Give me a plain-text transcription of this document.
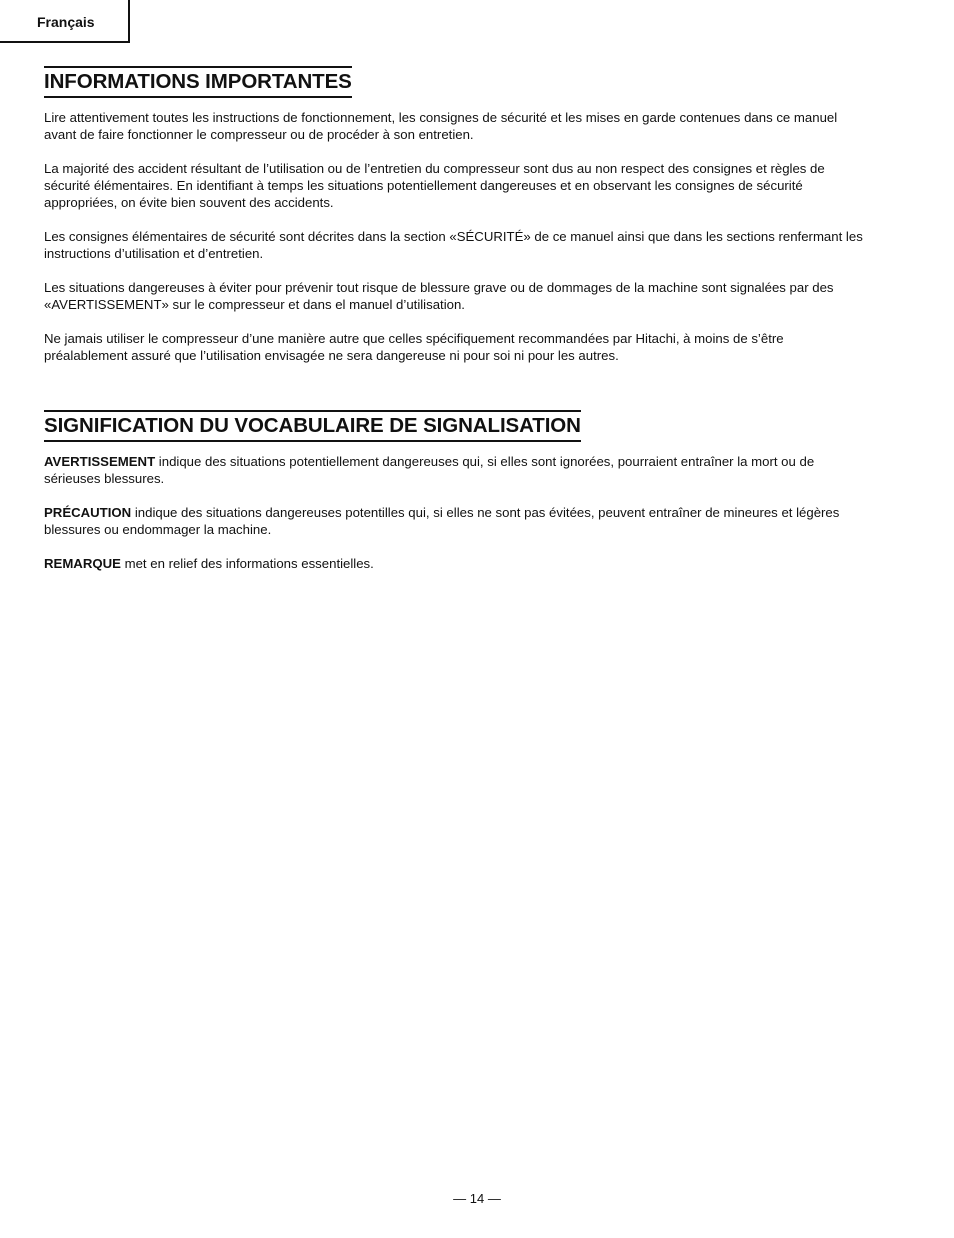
Français
INFORMATIONS IMPORTANTES

Lire attentivement toutes les instructions de fonctionnement, les consignes de sécurité et les mises en garde contenues dans ce manuel avant de faire fonctionner le compresseur ou de procéder à son entretien.

La majorité des accident résultant de l’utilisation ou de l’entretien du compresseur sont dus au non respect des consignes et règles de sécurité élémentaires. En identifiant à temps les situations potentiellement dangereuses et en observant les consignes de sécurité appropriées, on évite bien souvent des accidents.

Les consignes élémentaires de sécurité sont décrites dans la section «SÉCURITÉ» de ce manuel ainsi que dans les sections renfermant les instructions d’utilisation et d’entretien.

Les situations dangereuses à éviter pour prévenir tout risque de blessure grave ou de dommages de la machine sont signalées par des «AVERTISSEMENT» sur le compresseur et dans el manuel d’utilisation.

Ne jamais utiliser le compresseur d’une manière autre que celles spécifiquement recommandées par Hitachi, à moins de s’être préalablement assuré que l’utilisation envisagée ne sera dangereuse ni pour soi ni pour les autres.

SIGNIFICATION DU VOCABULAIRE DE SIGNALISATION

AVERTISSEMENT indique des situations potentiellement dangereuses qui, si elles sont ignorées, pourraient entraîner la mort ou de sérieuses blessures.

PRÉCAUTION indique des situations dangereuses potentilles qui, si elles ne sont pas évitées, peuvent entraîner de mineures et légères blessures ou endommager la machine.

REMARQUE met en relief des informations essentielles.

— 14 —
